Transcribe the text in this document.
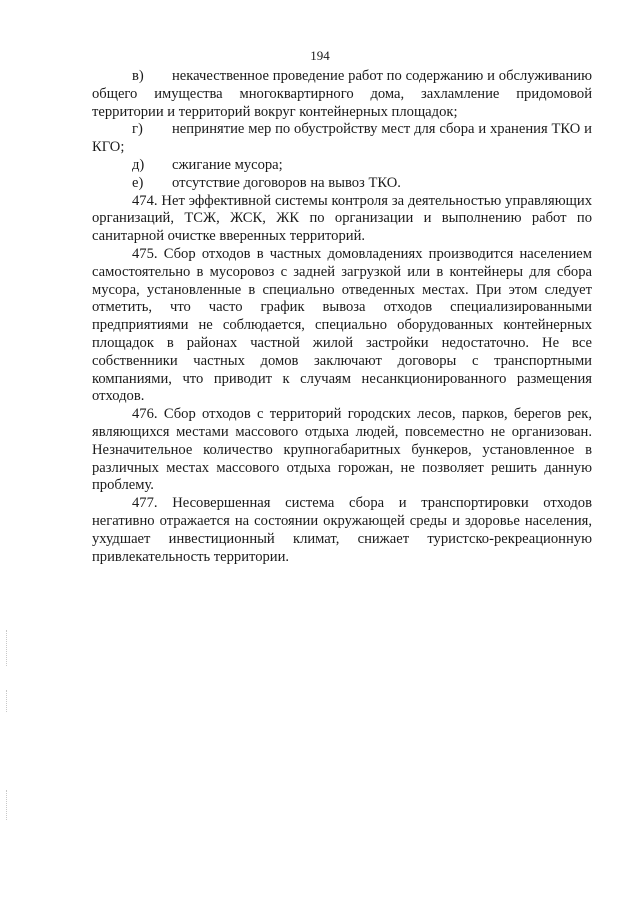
194

в) некачественное проведение работ по содержанию и обслуживанию общего имущества многоквартирного дома, захламление придомовой территории и территорий вокруг контейнерных площадок;

г) непринятие мер по обустройству мест для сбора и хранения ТКО и КГО;

д) сжигание мусора;

е) отсутствие договоров на вывоз ТКО.

474. Нет эффективной системы контроля за деятельностью управляющих организаций, ТСЖ, ЖСК, ЖК по организации и выполнению работ по санитарной очистке вверенных территорий.

475. Сбор отходов в частных домовладениях производится населением самостоятельно в мусоровоз с задней загрузкой или в контейнеры для сбора мусора, установленные в специально отведенных местах. При этом следует отметить, что часто график вывоза отходов специализированными предприятиями не соблюдается, специально оборудованных контейнерных площадок в районах частной жилой застройки недостаточно. Не все собственники частных домов заключают договоры с транспортными компаниями, что приводит к случаям несанкционированного размещения отходов.

476. Сбор отходов с территорий городских лесов, парков, берегов рек, являющихся местами массового отдыха людей, повсеместно не организован. Незначительное количество крупногабаритных бункеров, установленное в различных местах массового отдыха горожан, не позволяет решить данную проблему.

477. Несовершенная система сбора и транспортировки отходов негативно отражается на состоянии окружающей среды и здоровье населения, ухудшает инвестиционный климат, снижает туристско-рекреационную привлекательность территории.
